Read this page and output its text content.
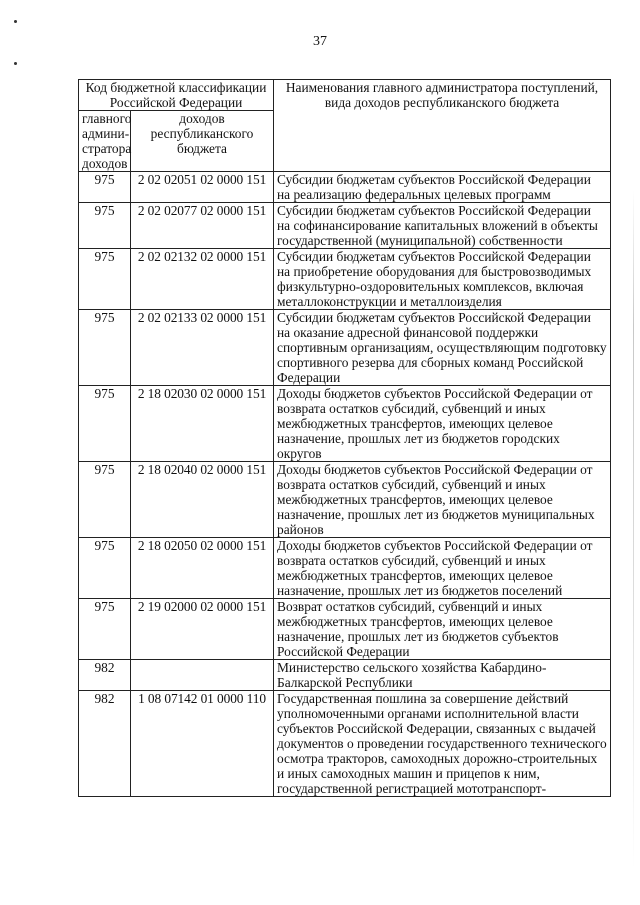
37
Код бюджетной классификации Российской Федерации		Наименования главного администратора поступлений, вида доходов республиканского бюджета
главного админи-стратора доходов	доходов республиканского бюджета	
975	2 02 02051 02 0000 151	Субсидии бюджетам субъектов Российской Федерации на реализацию федеральных целевых программ
975	2 02 02077 02 0000 151	Субсидии бюджетам субъектов Российской Федерации на софинансирование капитальных вложений в объекты государственной (муниципальной) собственности
975	2 02 02132 02 0000 151	Субсидии бюджетам субъектов Российской Федерации на приобретение оборудования для быстровозводимых физкультурно-оздоровительных комплексов, включая металлоконструкции и металлоизделия
975	2 02 02133 02 0000 151	Субсидии бюджетам субъектов Российской Федерации на оказание адресной финансовой поддержки спортивным организациям, осуществляющим подготовку спортивного резерва для сборных команд Российской Федерации
975	2 18 02030 02 0000 151	Доходы бюджетов субъектов Российской Федерации от возврата остатков субсидий, субвенций и иных межбюджетных трансфертов, имеющих целевое назначение, прошлых лет из бюджетов городских округов
975	2 18 02040 02 0000 151	Доходы бюджетов субъектов Российской Федерации от возврата остатков субсидий, субвенций и иных межбюджетных трансфертов, имеющих целевое назначение, прошлых лет из бюджетов муниципальных районов
975	2 18 02050 02 0000 151	Доходы бюджетов субъектов Российской Федерации от возврата остатков субсидий, субвенций и иных межбюджетных трансфертов, имеющих целевое назначение, прошлых лет из бюджетов поселений
975	2 19 02000 02 0000 151	Возврат остатков субсидий, субвенций и иных межбюджетных трансфертов, имеющих целевое назначение, прошлых лет из бюджетов субъектов Российской Федерации
982		Министерство сельского хозяйства Кабардино-Балкарской Республики
982	1 08 07142 01 0000 110	Государственная пошлина за совершение действий уполномоченными органами исполнительной власти субъектов Российской Федерации, связанных с выдачей документов о проведении государственного технического осмотра тракторов, самоходных дорожно-строительных и иных самоходных машин и прицепов к ним, государственной регистрацией мототранспорт-
